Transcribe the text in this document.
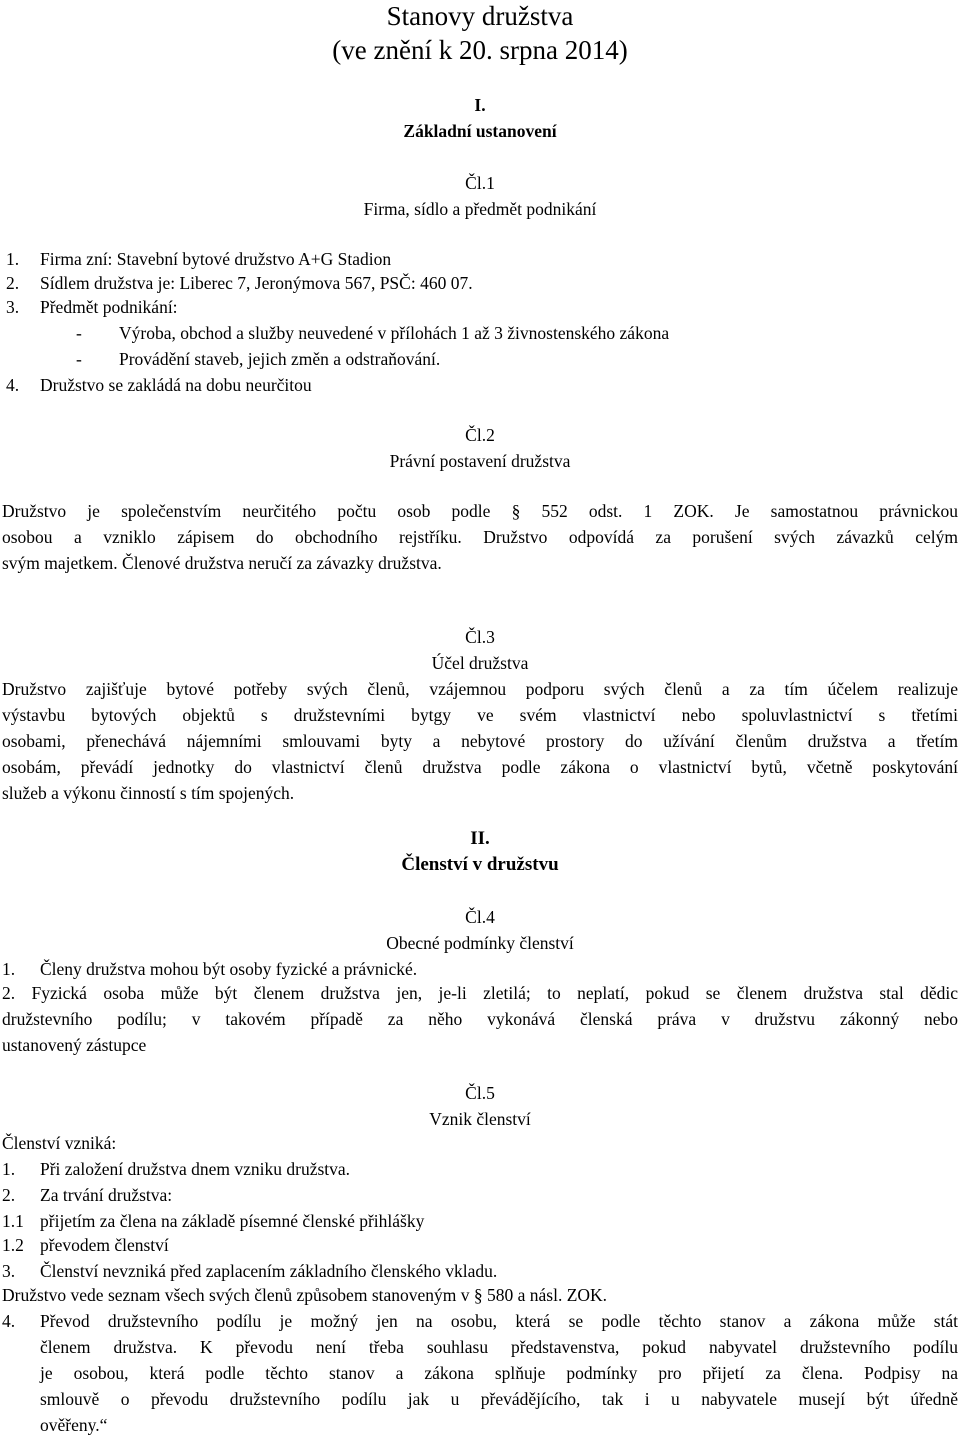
Stanovy družstva
(ve znění k 20. srpna 2014)
I.
Základní ustanovení
Čl.1
Firma, sídlo a předmět podnikání
1. Firma zní: Stavební bytové družstvo A+G Stadion
2. Sídlem družstva je: Liberec 7, Jeronýmova 567, PSČ: 460 07.
3. Předmět podnikání:
- Výroba, obchod a služby neuvedené v přílohách 1 až 3 živnostenského zákona
- Provádění staveb, jejich změn a odstraňování.
4. Družstvo se zakládá na dobu neurčitou
Čl.2
Právní postavení družstva
Družstvo je společenstvím neurčitého počtu osob podle § 552 odst. 1 ZOK. Je samostatnou právnickou
osobou a vzniklo zápisem do obchodního rejstříku. Družstvo odpovídá za porušení svých závazků celým
svým majetkem. Členové družstva neručí za závazky družstva.
Čl.3
Účel družstva
Družstvo zajišťuje bytové potřeby svých členů, vzájemnou podporu svých členů a za tím účelem realizuje
výstavbu bytových objektů s družstevními bytgy ve svém vlastnictví nebo spoluvlastnictví s třetími
osobami, přenechává nájemními smlouvami byty a nebytové prostory do užívání členům družstva a třetím
osobám, převádí jednotky do vlastnictví členů družstva podle zákona o vlastnictví bytů, včetně poskytování
služeb a výkonu činností s tím spojených.
II.
Členství v družstvu
Čl.4
Obecné podmínky členství
1. Členy družstva mohou být osoby fyzické a právnické.
2. Fyzická osoba může být členem družstva jen, je-li zletilá; to neplatí, pokud se členem družstva stal dědic
družstevního podílu; v takovém případě za něho vykonává členská práva v družstvu zákonný nebo
ustanovený zástupce
Čl.5
Vznik členství
Členství vzniká:
1. Při založení družstva dnem vzniku družstva.
2. Za trvání družstva:
1.1 přijetím za člena na základě písemné členské přihlášky
1.2 převodem členství
3. Členství nevzniká před zaplacením základního členského vkladu.
Družstvo vede seznam všech svých členů způsobem stanoveným v § 580 a násl. ZOK.
4. Převod družstevního podílu je možný jen na osobu, která se podle těchto stanov a zákona může stát
členem družstva. K převodu není třeba souhlasu představenstva, pokud nabyvatel družstevního podílu
je osobou, která podle těchto stanov a zákona splňuje podmínky pro přijetí za člena. Podpisy na
smlouvě o převodu družstevního podílu jak u převádějícího, tak i u nabyvatele musejí být úředně
ověřeny.“
